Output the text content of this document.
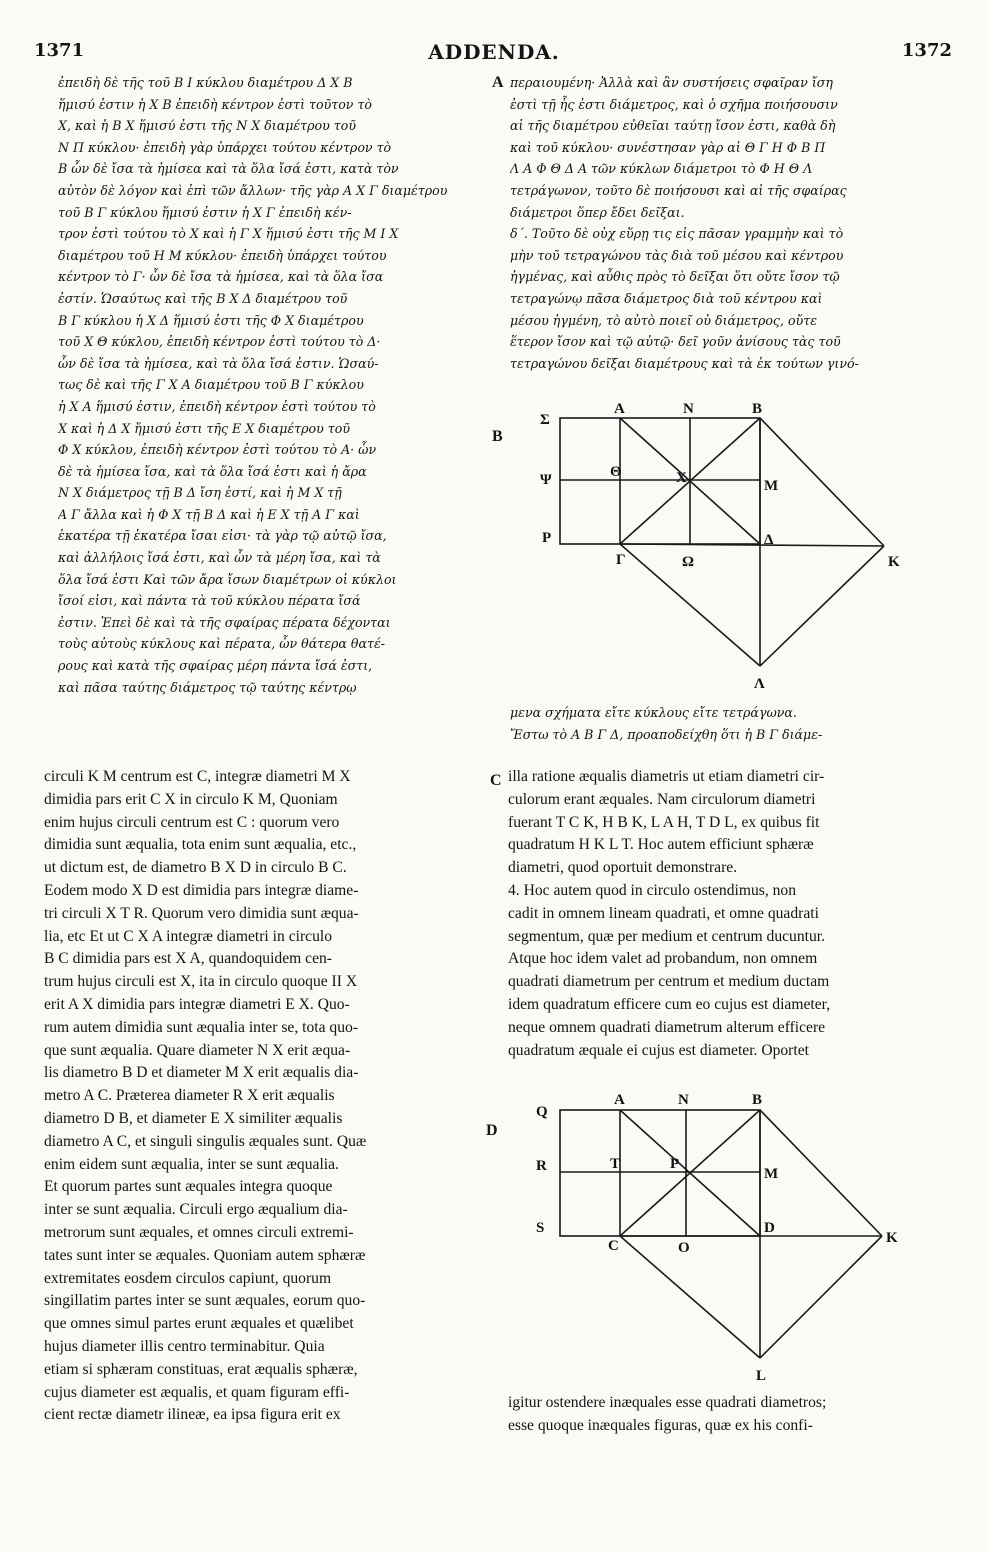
1371	ADDENDA.	1372
A
B
C
D
ἐπειδὴ δὲ τῆς τοῦ Β Ι κύκλου διαμέτρου Δ Χ Β
ἥμισύ ἐστιν ἡ Χ Β ἐπειδὴ κέντρον ἐστὶ τοῦτον τὸ
Χ, καὶ ἡ Β Χ ἥμισύ ἐστι τῆς Ν Χ διαμέτρου τοῦ
Ν Π κύκλου· ἐπειδὴ γὰρ ὑπάρχει τούτου κέντρον τὸ
Β ὧν δὲ ἴσα τὰ ἡμίσεα καὶ τὰ ὅλα ἴσά ἐστι, κατὰ τὸν
αὐτὸν δὲ λόγον καὶ ἐπὶ τῶν ἄλλων· τῆς γὰρ Α Χ Γ διαμέτρου
τοῦ Β Γ κύκλου ἥμισύ ἐστιν ἡ Χ Γ ἐπειδὴ κέν-
τρον ἐστὶ τούτου τὸ Χ καὶ ἡ Γ Χ ἥμισύ ἐστι τῆς Μ Ι Χ
διαμέτρου τοῦ Η Μ κύκλου· ἐπειδὴ ὑπάρχει τούτου
κέντρον τὸ Γ· ὧν δὲ ἴσα τὰ ἡμίσεα, καὶ τὰ ὅλα ἴσα
ἐστίν. Ὡσαύτως καὶ τῆς Β Χ Δ διαμέτρου τοῦ
Β Γ κύκλου ἡ Χ Δ ἥμισύ ἐστι τῆς Φ Χ διαμέτρου
τοῦ Χ Θ κύκλου, ἐπειδὴ κέντρον ἐστὶ τούτου τὸ Δ·
ὧν δὲ ἴσα τὰ ἡμίσεα, καὶ τὰ ὅλα ἴσά ἐστιν. Ὡσαύ-
τως δὲ καὶ τῆς Γ Χ Α διαμέτρου τοῦ Β Γ κύκλου
ἡ Χ Α ἥμισύ ἐστιν, ἐπειδὴ κέντρον ἐστὶ τούτου τὸ
Χ καὶ ἡ Δ Χ ἥμισύ ἐστι τῆς Ε Χ διαμέτρου τοῦ
Φ Χ κύκλου, ἐπειδὴ κέντρον ἐστὶ τούτου τὸ Α· ὧν
δὲ τὰ ἡμίσεα ἴσα, καὶ τὰ ὅλα ἴσά ἐστι καὶ ἡ ἄρα
Ν Χ διάμετρος τῇ Β Δ ἴση ἐστί, καὶ ἡ Μ Χ τῇ
Α Γ ἄλλα καὶ ἡ Φ Χ τῇ Β Δ καὶ ἡ Ε Χ τῇ Α Γ καὶ
ἑκατέρα τῇ ἑκατέρα ἴσαι εἰσι· τὰ γὰρ τῷ αὐτῷ ἴσα,
καὶ ἀλλήλοις ἴσά ἐστι, καὶ ὧν τὰ μέρη ἴσα, καὶ τὰ
ὅλα ἴσά ἐστι Καὶ τῶν ἄρα ἴσων διαμέτρων οἱ κύκλοι
ἴσοί εἰσι, καὶ πάντα τὰ τοῦ κύκλου πέρατα ἴσά
ἐστιν. Ἐπεὶ δὲ καὶ τὰ τῆς σφαίρας πέρατα δέχονται
τοὺς αὐτοὺς κύκλους καὶ πέρατα, ὧν θάτερα θατέ-
ρους καὶ κατὰ τῆς σφαίρας μέρη πάντα ἴσά ἐστι,
καὶ πᾶσα ταύτης διάμετρος τῷ ταύτης κέντρῳ
περαιουμένη· Ἀλλὰ καὶ ἂν συστήσεις σφαῖραν ἴση
ἐστὶ τῇ ἧς ἐστι διάμετρος, καὶ ὁ σχῆμα ποιήσουσιν
αἱ τῆς διαμέτρου εὐθεῖαι ταύτῃ ἴσον ἐστι, καθὰ δὴ
καὶ τοῦ κύκλου· συνέστησαν γὰρ αἱ Θ Γ Η Φ Β Π
Λ Α Φ Θ Δ Α τῶν κύκλων διάμετροι τὸ Φ Η Θ Λ
τετράγωνον, τοῦτο δὲ ποιήσουσι καὶ αἱ τῆς σφαίρας
διάμετροι ὅπερ ἔδει δεῖξαι.
δ΄. Τοῦτο δὲ οὐχ εὕρῃ τις εἰς πᾶσαν γραμμὴν καὶ τὸ
μὴν τοῦ τετραγώνου τὰς διὰ τοῦ μέσου καὶ κέντρου
ἠγμένας, καὶ αὖθις πρὸς τὸ δεῖξαι ὅτι οὔτε ἴσον τῷ
τετραγώνῳ πᾶσα διάμετρος διὰ τοῦ κέντρου καὶ
μέσου ἠγμένη, τὸ αὐτὸ ποιεῖ οὐ διάμετρος, οὔτε
ἕτερον ἴσον καὶ τῷ αὐτῷ· δεῖ γοῦν ἀνίσους τὰς τοῦ
τετραγώνου δεῖξαι διαμέτρους καὶ τὰ ἐκ τούτων γινό-
μενα σχήματα εἴτε κύκλους εἴτε τετράγωνα.
Ἔστω τὸ Α Β Γ Δ, προαποδείχθη ὅτι ἡ Β Γ διάμε-
circuli K M centrum est C, integræ diametri M X
dimidia pars erit C X in circulo K M, Quoniam
enim hujus circuli centrum est C : quorum vero
dimidia sunt æqualia, tota enim sunt æqualia, etc.,
ut dictum est, de diametro B X D in circulo B C.
Eodem modo X D est dimidia pars integræ diame-
tri circuli X T R. Quorum vero dimidia sunt æqua-
lia, etc Et ut C X A integræ diametri in circulo
B C dimidia pars est X A, quandoquidem cen-
trum hujus circuli est X, ita in circulo quoque II X
erit A X dimidia pars integræ diametri E X. Quo-
rum autem dimidia sunt æqualia inter se, tota quo-
que sunt æqualia. Quare diameter N X erit æqua-
lis diametro B D et diameter M X erit æqualis dia-
metro A C. Præterea diameter R X erit æqualis
diametro D B, et diameter E X similiter æqualis
diametro A C, et singuli singulis æquales sunt. Quæ
enim eidem sunt æqualia, inter se sunt æqualia.
Et quorum partes sunt æquales integra quoque
inter se sunt æqualia. Circuli ergo æqualium dia-
metrorum sunt æquales, et omnes circuli extremi-
tates sunt inter se æquales. Quoniam autem sphæræ
extremitates eosdem circulos capiunt, quorum
singillatim partes inter se sunt æquales, eorum quo-
que omnes simul partes erunt æquales et quælibet
hujus diameter illis centro terminabitur. Quia
etiam si sphæram constituas, erat æqualis sphæræ,
cujus diameter est æqualis, et quam figuram effi-
cient rectæ diametr ilineæ, ea ipsa figura erit ex
illa ratione æqualis diametris ut etiam diametri cir-
culorum erant æquales. Nam circulorum diametri
fuerant T C K, H B K, L A H, T D L, ex quibus fit
quadratum H K L T. Hoc autem efficiunt sphæræ
diametri, quod oportuit demonstrare.
4. Hoc autem quod in circulo ostendimus, non
cadit in omnem lineam quadrati, et omne quadrati
segmentum, quæ per medium et centrum ducuntur.
Atque hoc idem valet ad probandum, non omnem
quadrati diametrum per centrum et medium ductam
idem quadratum efficere cum eo cujus est diameter,
neque omnem quadrati diametrum alterum efficere
quadratum æquale ei cujus est diameter. Oportet
igitur ostendere inæquales esse quadrati diametros;
esse quoque inæquales figuras, quæ ex his confi-
Σ
Α	Ν	Β
Ψ	Θ	Χ	Μ
Ρ
Γ	Ω
Δ
Κ
Λ
Q
A	N	B
R	T	P
M
S
C	O
D
K
L
